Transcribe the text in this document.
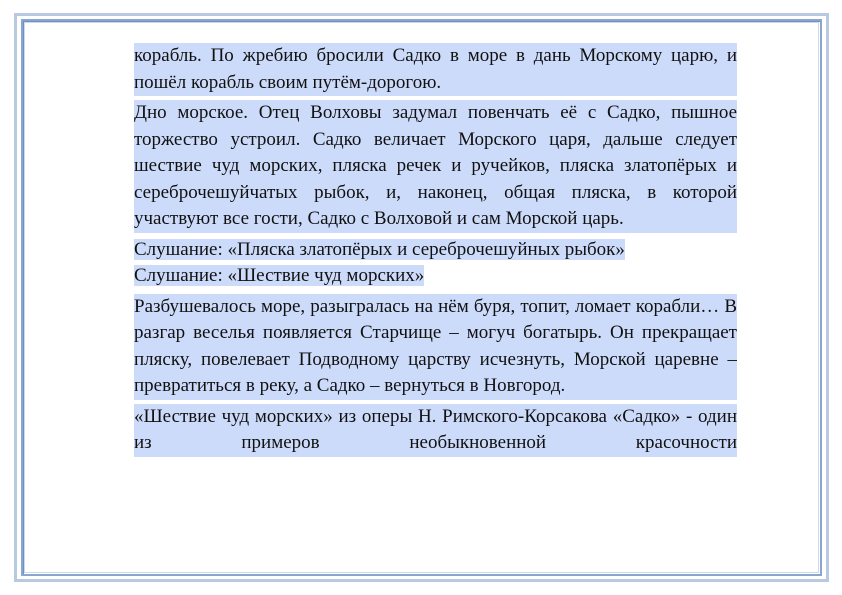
корабль. По жребию бросили Садко в море в дань Морскому царю, и пошёл корабль своим путём-дорогою.

Дно морское. Отец Волховы задумал повенчать её с Садко, пышное торжество устроил. Садко величает Морского царя, дальше следует шествие чуд морских, пляска речек и ручейков, пляска златопёрых и сереброчешуйчатых рыбок, и, наконец, общая пляска, в которой участвуют все гости, Садко с Волховой и сам Морской царь.

Слушание: «Пляска златопёрых и сереброчешуйных рыбок»

Слушание: «Шествие чуд морских»

Разбушевалось море, разыгралась на нём буря, топит, ломает корабли… В разгар веселья появляется Старчище – могуч богатырь. Он прекращает пляску, повелевает Подводному царству исчезнуть, Морской царевне – превратиться в реку, а Садко – вернуться в Новгород.

«Шествие чуд морских» из оперы Н. Римского-Корсакова «Садко» - один из примеров необыкновенной красочности
